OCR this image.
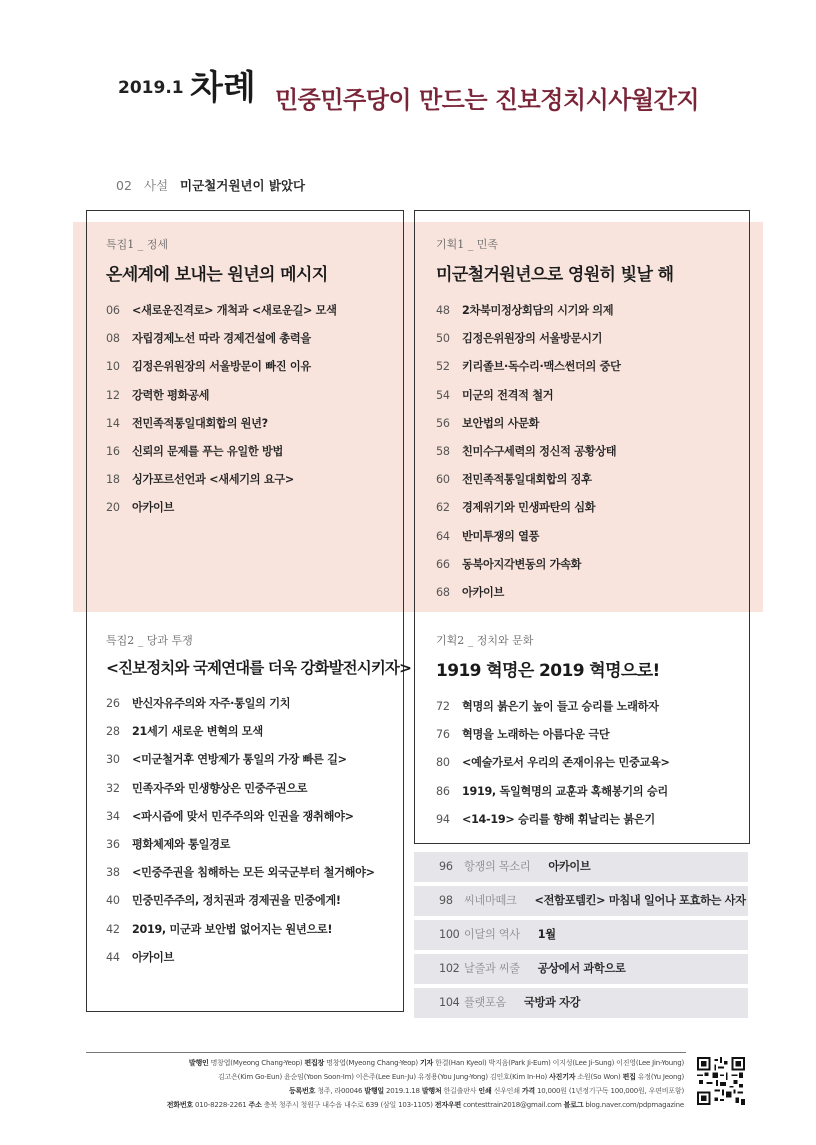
2019.1 차례 민중민주당이 만드는 진보정치시사월간지
02 사설 미군철거원년이 밝았다
특집1 _ 정세
온세계에 보내는 원년의 메시지
06 <새로운진격로> 개척과 <새로운길> 모색
08 자립경제노선 따라 경제건설에 총력을
10 김정은위원장의 서울방문이 빠진 이유
12 강력한 평화공세
14 전민족적통일대회합의 원년?
16 신뢰의 문제를 푸는 유일한 방법
18 싱가포르선언과 <새세기의 요구>
20 아카이브
기획1 _ 민족
미군철거원년으로 영원히 빛날 해
48 2차북미정상회담의 시기와 의제
50 김정은위원장의 서울방문시기
52 키리졸브·독수리·맥스썬더의 중단
54 미군의 전격적 철거
56 보안법의 사문화
58 친미수구세력의 정신적 공황상태
60 전민족적통일대회합의 징후
62 경제위기와 민생파탄의 심화
64 반미투쟁의 열풍
66 동북아지각변동의 가속화
68 아카이브
특집2 _ 당과 투쟁
<진보정치와 국제연대를 더욱 강화발전시키자>
26 반신자유주의와 자주·통일의 기치
28 21세기 새로운 변혁의 모색
30 <미군철거후 연방제가 통일의 가장 빠른 길>
32 민족자주와 민생향상은 민중주권으로
34 <파시즘에 맞서 민주주의와 인권을 쟁취해야>
36 평화체제와 통일경로
38 <민중주권을 침해하는 모든 외국군부터 철거해야>
40 민중민주주의, 정치권과 경제권을 민중에게!
42 2019, 미군과 보안법 없어지는 원년으로!
44 아카이브
기획2 _ 정치와 문화
1919 혁명은 2019 혁명으로!
72 혁명의 붉은기 높이 들고 승리를 노래하자
76 혁명을 노래하는 아름다운 극단
80 <예술가로서 우리의 존재이유는 민중교육>
86 1919, 독일혁명의 교훈과 혹해봉기의 승리
94 <14-19> 승리를 향해 휘날리는 붉은기
96 항쟁의 목소리 아카이브
98 씨네마떼크 <전함포템킨> 마침내 일어나 포효하는 사자
100 이달의 역사 1월
102 날줄과 씨줄 공상에서 과학으로
104 플랫포옴 국방과 자강
발행인 명창엽(Myeong Chang-Yeop) 편집장 명창엽(Myeong Chang-Yeop) 기자 한결(Han Kyeol) 박지음(Park Ji-Eum) 이지성(Lee Ji-Sung) 이진영(Lee Jin-Young)
김고은(Kim Go-Eun) 윤순임(Yoon Soon-Im) 이은주(Lee Eun-Ju) 유정용(You Jung-Yong) 김인호(Kim In-Ho) 사진기자 소원(So Won) 편집 유정(Yu Jeong)
등록번호 청주, 라00046 발행일 2019.1.18 발행처 한길출판사 인쇄 신우인쇄 가격 10,000원 (1년정기구독 100,000원, 우편비포함)
전화번호 010-8228-2261 주소 충북 청주시 청원구 내수읍 내수로 639 (삼일 103-1105) 전자우편 contesttrain2018@gmail.com 블로그 blog.naver.com/pdpmagazine
